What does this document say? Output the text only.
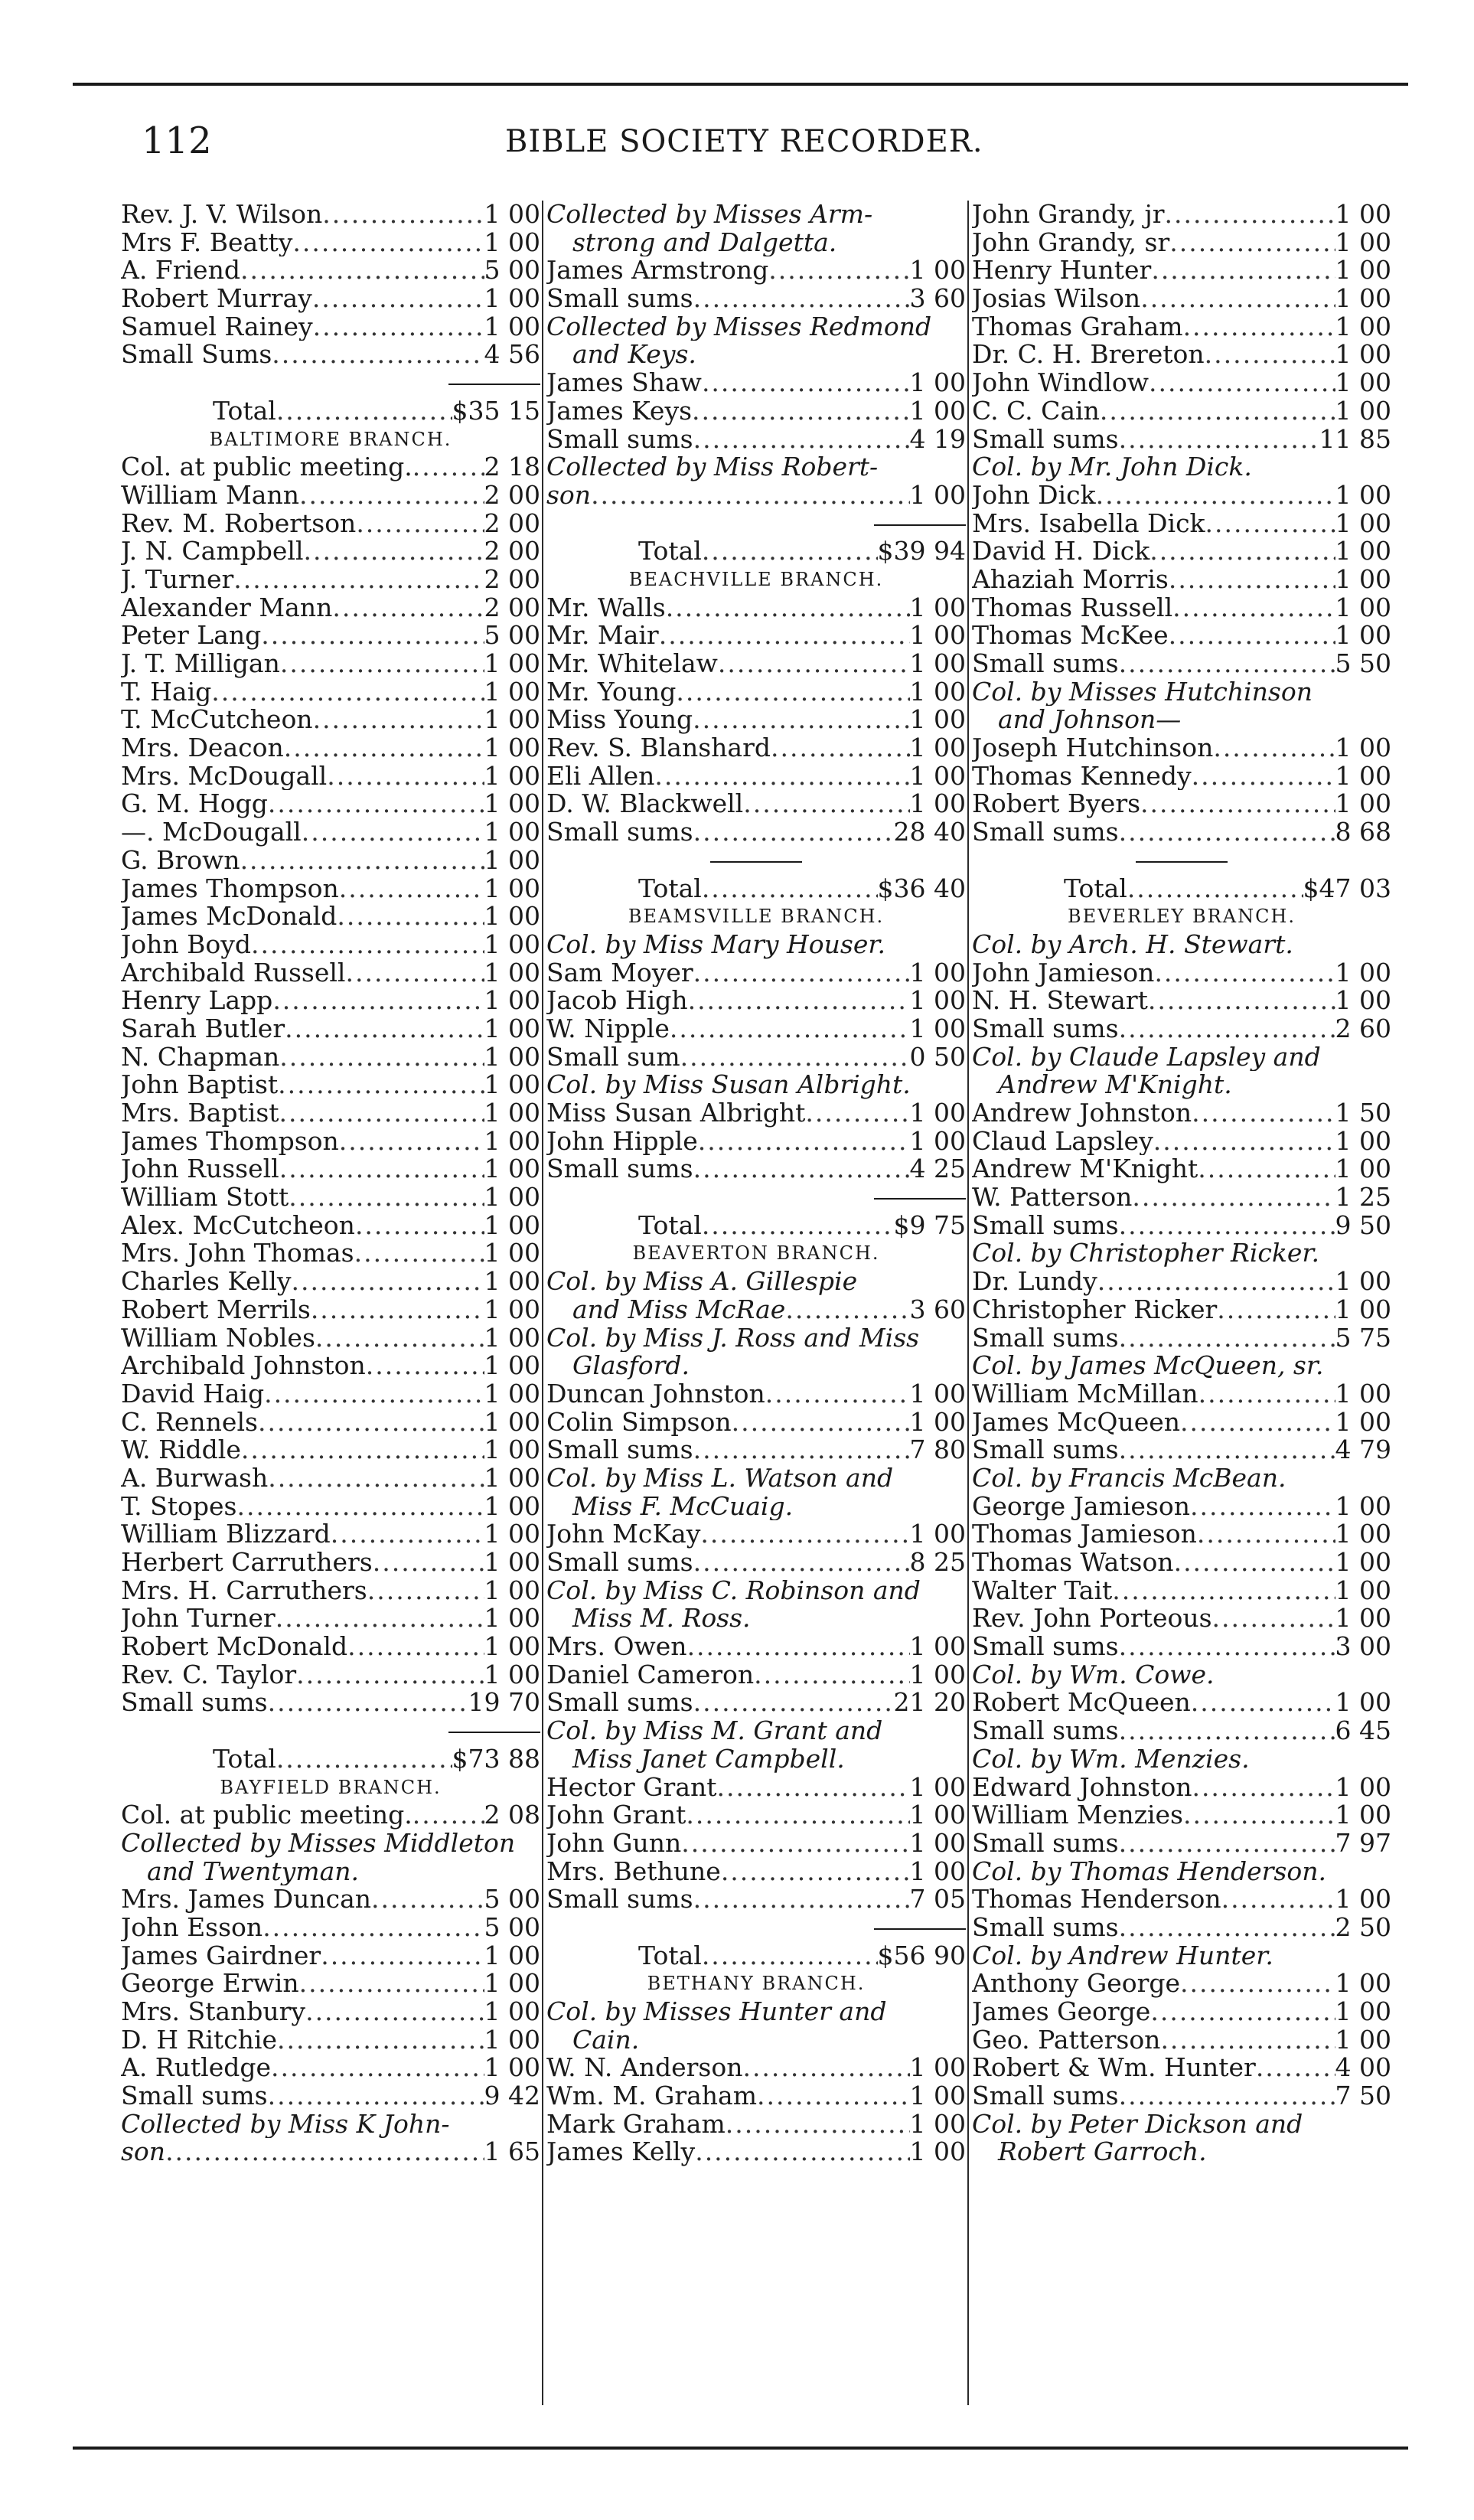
112	BIBLE SOCIETY RECORDER.
Rev. J. V. Wilson .....	1 00
Mrs F. Beatty .....	1 00
A. Friend .....	5 00
Robert Murray .....	1 00
Samuel Rainey .....	1 00
Small Sums .....	4 56
Total .....	$35 15
BALTIMORE BRANCH.
Col. at public meeting. .....	2 18
William Mann .....	2 00
Rev. M. Robertson .....	2 00
J. N. Campbell .....	2 00
J. Turner .....	2 00
Alexander Mann .....	2 00
Peter Lang .....	5 00
J. T. Milligan .....	1 00
T. Haig .....	1 00
T. McCutcheon .....	1 00
Mrs. Deacon .....	1 00
Mrs. McDougall .....	1 00
G. M. Hogg .....	1 00
—. McDougall .....	1 00
G. Brown .....	1 00
James Thompson .....	1 00
James McDonald .....	1 00
John Boyd .....	1 00
Archibald Russell .....	1 00
Henry Lapp .....	1 00
Sarah Butler .....	1 00
N. Chapman .....	1 00
John Baptist .....	1 00
Mrs. Baptist .....	1 00
James Thompson .....	1 00
John Russell .....	1 00
William Stott .....	1 00
Alex. McCutcheon .....	1 00
Mrs. John Thomas .....	1 00
Charles Kelly .....	1 00
Robert Merrils .....	1 00
William Nobles .....	1 00
Archibald Johnston .....	1 00
David Haig .....	1 00
C. Rennels .....	1 00
W. Riddle .....	1 00
A. Burwash .....	1 00
T. Stopes .....	1 00
William Blizzard .....	1 00
Herbert Carruthers .....	1 00
Mrs. H. Carruthers .....	1 00
John Turner .....	1 00
Robert McDonald .....	1 00
Rev. C. Taylor .....	1 00
Small sums .....	19 70
Total .....	$73 88
BAYFIELD BRANCH.
Col. at public meeting. .....	2 08
Collected by Misses Middleton
and Twentyman.
Mrs. James Duncan .....	5 00
John Esson .....	5 00
James Gairdner .....	1 00
George Erwin .....	1 00
Mrs. Stanbury .....	1 00
D. H Ritchie .....	1 00
A. Rutledge .....	1 00
Small sums .....	9 42
Collected by Miss K John-
son .....	1 65
Collected by Misses Arm-
strong and Dalgetta.
James Armstrong .....	1 00
Small sums .....	3 60
Collected by Misses Redmond
and Keys.
James Shaw .....	1 00
James Keys .....	1 00
Small sums .....	4 19
Collected by Miss Robert-
son .....	1 00
Total .....	$39 94
BEACHVILLE BRANCH.
Mr. Walls .....	1 00
Mr. Mair .....	1 00
Mr. Whitelaw .....	1 00
Mr. Young .....	1 00
Miss Young .....	1 00
Rev. S. Blanshard .....	1 00
Eli Allen .....	1 00
D. W. Blackwell .....	1 00
Small sums .....	28 40
Total .....	$36 40
BEAMSVILLE BRANCH.
Col. by Miss Mary Houser.
Sam Moyer .....	1 00
Jacob High .....	1 00
W. Nipple .....	1 00
Small sum .....	0 50
Col. by Miss Susan Albright.
Miss Susan Albright .....	1 00
John Hipple .....	1 00
Small sums .....	4 25
Total .....	$9 75
BEAVERTON BRANCH.
Col. by Miss A. Gillespie
and Miss McRae .....	3 60
Col. by Miss J. Ross and Miss
Glasford.
Duncan Johnston .....	1 00
Colin Simpson .....	1 00
Small sums .....	7 80
Col. by Miss L. Watson and
Miss F. McCuaig.
John McKay .....	1 00
Small sums .....	8 25
Col. by Miss C. Robinson and
Miss M. Ross.
Mrs. Owen .....	1 00
Daniel Cameron .....	1 00
Small sums .....	21 20
Col. by Miss M. Grant and
Miss Janet Campbell.
Hector Grant .....	1 00
John Grant .....	1 00
John Gunn .....	1 00
Mrs. Bethune .....	1 00
Small sums .....	7 05
Total .....	$56 90
BETHANY BRANCH.
Col. by Misses Hunter and
Cain.
W. N. Anderson .....	1 00
Wm. M. Graham .....	1 00
Mark Graham .....	1 00
James Kelly .....	1 00
John Grandy, jr .....	1 00
John Grandy, sr .....	1 00
Henry Hunter .....	1 00
Josias Wilson .....	1 00
Thomas Graham .....	1 00
Dr. C. H. Brereton .....	1 00
John Windlow .....	1 00
C. C. Cain .....	1 00
Small sums .....	11 85
Col. by Mr. John Dick.
John Dick .....	1 00
Mrs. Isabella Dick .....	1 00
David H. Dick .....	1 00
Ahaziah Morris .....	1 00
Thomas Russell .....	1 00
Thomas McKee .....	1 00
Small sums .....	5 50
Col. by Misses Hutchinson
and Johnson—
Joseph Hutchinson .....	1 00
Thomas Kennedy .....	1 00
Robert Byers .....	1 00
Small sums .....	8 68
Total .....	$47 03
BEVERLEY BRANCH.
Col. by Arch. H. Stewart.
John Jamieson .....	1 00
N. H. Stewart .....	1 00
Small sums .....	2 60
Col. by Claude Lapsley and
Andrew M'Knight.
Andrew Johnston .....	1 50
Claud Lapsley .....	1 00
Andrew M'Knight .....	1 00
W. Patterson .....	1 25
Small sums .....	9 50
Col. by Christopher Ricker.
Dr. Lundy .....	1 00
Christopher Ricker .....	1 00
Small sums .....	5 75
Col. by James McQueen, sr.
William McMillan .....	1 00
James McQueen .....	1 00
Small sums .....	4 79
Col. by Francis McBean.
George Jamieson .....	1 00
Thomas Jamieson .....	1 00
Thomas Watson .....	1 00
Walter Tait .....	1 00
Rev. John Porteous .....	1 00
Small sums .....	3 00
Col. by Wm. Cowe.
Robert McQueen .....	1 00
Small sums .....	6 45
Col. by Wm. Menzies.
Edward Johnston .....	1 00
William Menzies .....	1 00
Small sums .....	7 97
Col. by Thomas Henderson.
Thomas Henderson .....	1 00
Small sums .....	2 50
Col. by Andrew Hunter.
Anthony George .....	1 00
James George .....	1 00
Geo. Patterson .....	1 00
Robert & Wm. Hunter .....	4 00
Small sums .....	7 50
Col. by Peter Dickson and
Robert Garroch.
